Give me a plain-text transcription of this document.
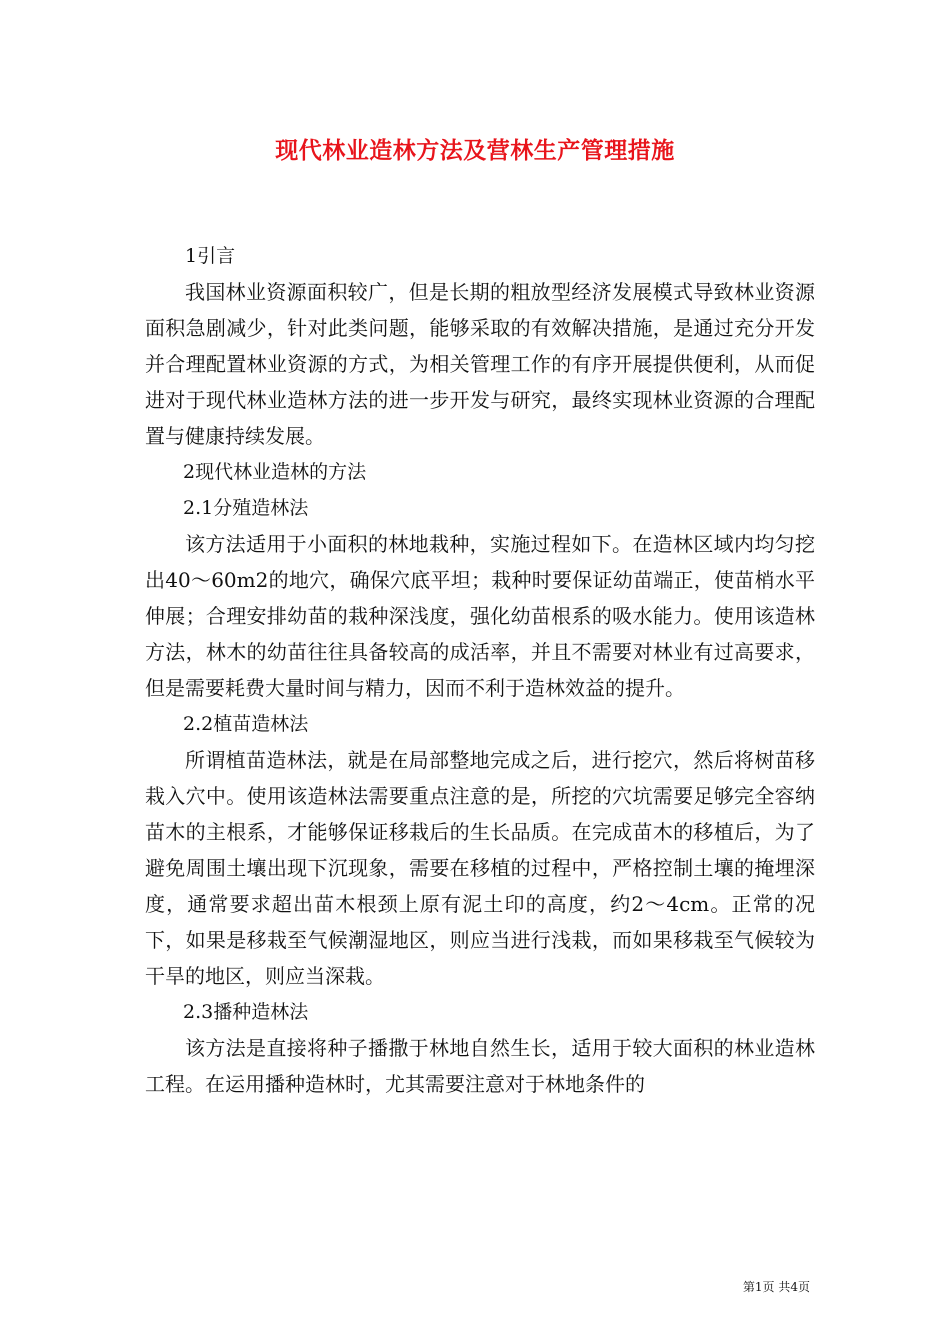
现代林业造林方法及营林生产管理措施

1引言

我国林业资源面积较广，但是长期的粗放型经济发展模式导致林业资源面积急剧减少，针对此类问题，能够采取的有效解决措施，是通过充分开发并合理配置林业资源的方式，为相关管理工作的有序开展提供便利，从而促进对于现代林业造林方法的进一步开发与研究，最终实现林业资源的合理配置与健康持续发展。

2现代林业造林的方法

2.1分殖造林法

该方法适用于小面积的林地栽种，实施过程如下。在造林区域内均匀挖出40～60m2的地穴，确保穴底平坦；栽种时要保证幼苗端正，使苗梢水平伸展；合理安排幼苗的栽种深浅度，强化幼苗根系的吸水能力。使用该造林方法，林木的幼苗往往具备较高的成活率，并且不需要对林业有过高要求，但是需要耗费大量时间与精力，因而不利于造林效益的提升。

2.2植苗造林法

所谓植苗造林法，就是在局部整地完成之后，进行挖穴，然后将树苗移栽入穴中。使用该造林法需要重点注意的是，所挖的穴坑需要足够完全容纳苗木的主根系，才能够保证移栽后的生长品质。在完成苗木的移植后，为了避免周围土壤出现下沉现象，需要在移植的过程中，严格控制土壤的掩埋深度，通常要求超出苗木根颈上原有泥土印的高度，约2～4cm。正常的况下，如果是移栽至气候潮湿地区，则应当进行浅栽，而如果移栽至气候较为干旱的地区，则应当深栽。

2.3播种造林法

该方法是直接将种子播撒于林地自然生长，适用于较大面积的林业造林工程。在运用播种造林时，尤其需要注意对于林地条件的

第1页 共4页
